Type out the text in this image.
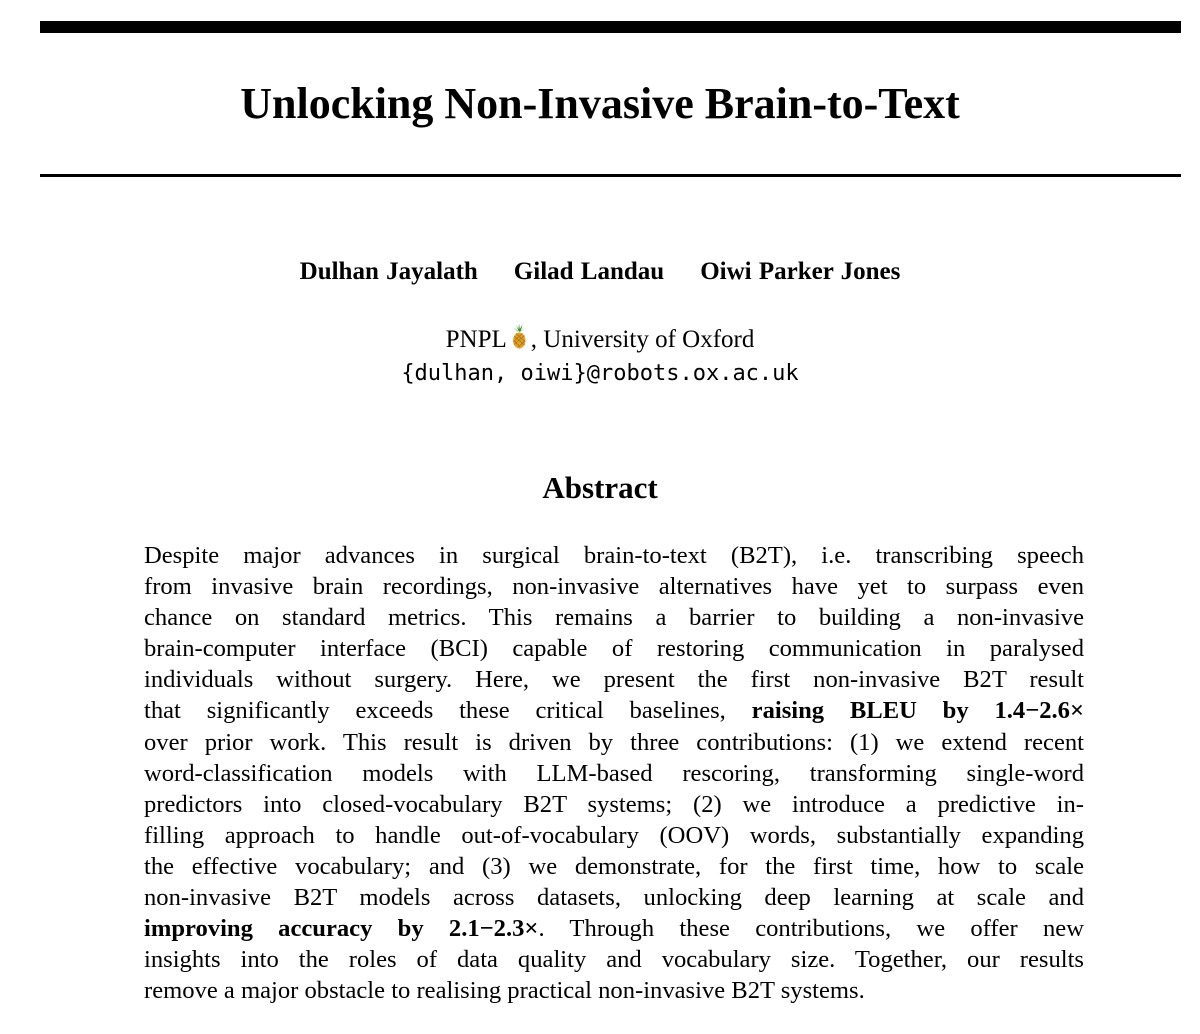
Unlocking Non-Invasive Brain-to-Text
Dulhan Jayalath Gilad Landau Oiwi Parker Jones
PNPL , University of Oxford
{dulhan, oiwi}@robots.ox.ac.uk
Abstract
Despite major advances in surgical brain-to-text (B2T), i.e. transcribing speech
from invasive brain recordings, non-invasive alternatives have yet to surpass even
chance on standard metrics. This remains a barrier to building a non-invasive
brain-computer interface (BCI) capable of restoring communication in paralysed
individuals without surgery. Here, we present the first non-invasive B2T result
that significantly exceeds these critical baselines, raising BLEU by 1.4−2.6×
over prior work. This result is driven by three contributions: (1) we extend recent
word-classification models with LLM-based rescoring, transforming single-word
predictors into closed-vocabulary B2T systems; (2) we introduce a predictive in-
filling approach to handle out-of-vocabulary (OOV) words, substantially expanding
the effective vocabulary; and (3) we demonstrate, for the first time, how to scale
non-invasive B2T models across datasets, unlocking deep learning at scale and
improving accuracy by 2.1−2.3×. Through these contributions, we offer new
insights into the roles of data quality and vocabulary size. Together, our results
remove a major obstacle to realising practical non-invasive B2T systems.
